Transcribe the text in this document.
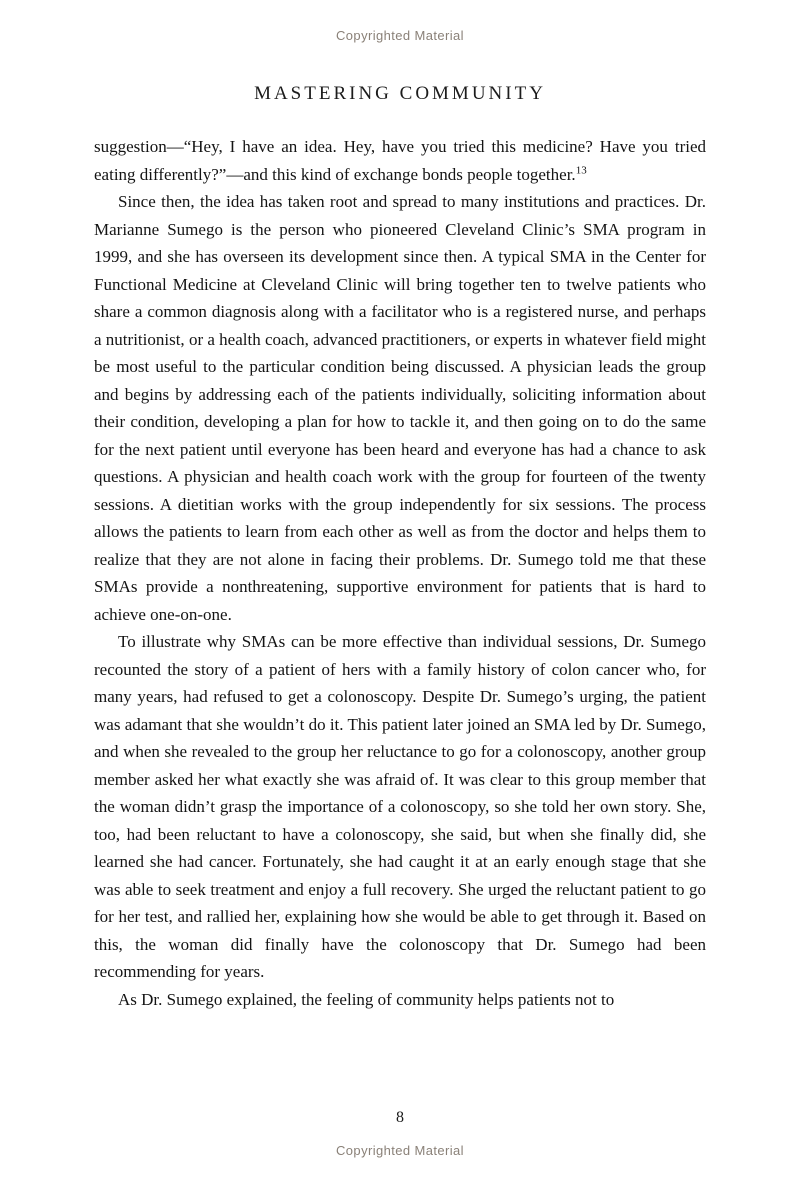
Copyrighted Material
MASTERING COMMUNITY

suggestion—“Hey, I have an idea. Hey, have you tried this medicine? Have you tried eating differently?”—and this kind of exchange bonds people together.$^{13}$

Since then, the idea has taken root and spread to many institutions and practices. Dr. Marianne Sumego is the person who pioneered Cleveland Clinic’s SMA program in 1999, and she has overseen its development since then. A typical SMA in the Center for Functional Medicine at Cleveland Clinic will bring together ten to twelve patients who share a common diagnosis along with a facilitator who is a registered nurse, and perhaps a nutritionist, or a health coach, advanced practitioners, or experts in whatever field might be most useful to the particular condition being discussed. A physician leads the group and begins by addressing each of the patients individually, soliciting information about their condition, developing a plan for how to tackle it, and then going on to do the same for the next patient until everyone has been heard and everyone has had a chance to ask questions. A physician and health coach work with the group for fourteen of the twenty sessions. A dietitian works with the group independently for six sessions. The process allows the patients to learn from each other as well as from the doctor and helps them to realize that they are not alone in facing their problems. Dr. Sumego told me that these SMAs provide a nonthreatening, supportive environment for patients that is hard to achieve one-on-one.

To illustrate why SMAs can be more effective than individual sessions, Dr. Sumego recounted the story of a patient of hers with a family history of colon cancer who, for many years, had refused to get a colonoscopy. Despite Dr. Sumego’s urging, the patient was adamant that she wouldn’t do it. This patient later joined an SMA led by Dr. Sumego, and when she revealed to the group her reluctance to go for a colonoscopy, another group member asked her what exactly she was afraid of. It was clear to this group member that the woman didn’t grasp the importance of a colonoscopy, so she told her own story. She, too, had been reluctant to have a colonoscopy, she said, but when she finally did, she learned she had cancer. Fortunately, she had caught it at an early enough stage that she was able to seek treatment and enjoy a full recovery. She urged the reluctant patient to go for her test, and rallied her, explaining how she would be able to get through it. Based on this, the woman did finally have the colonoscopy that Dr. Sumego had been recommending for years.

As Dr. Sumego explained, the feeling of community helps patients not to

8
Copyrighted Material
